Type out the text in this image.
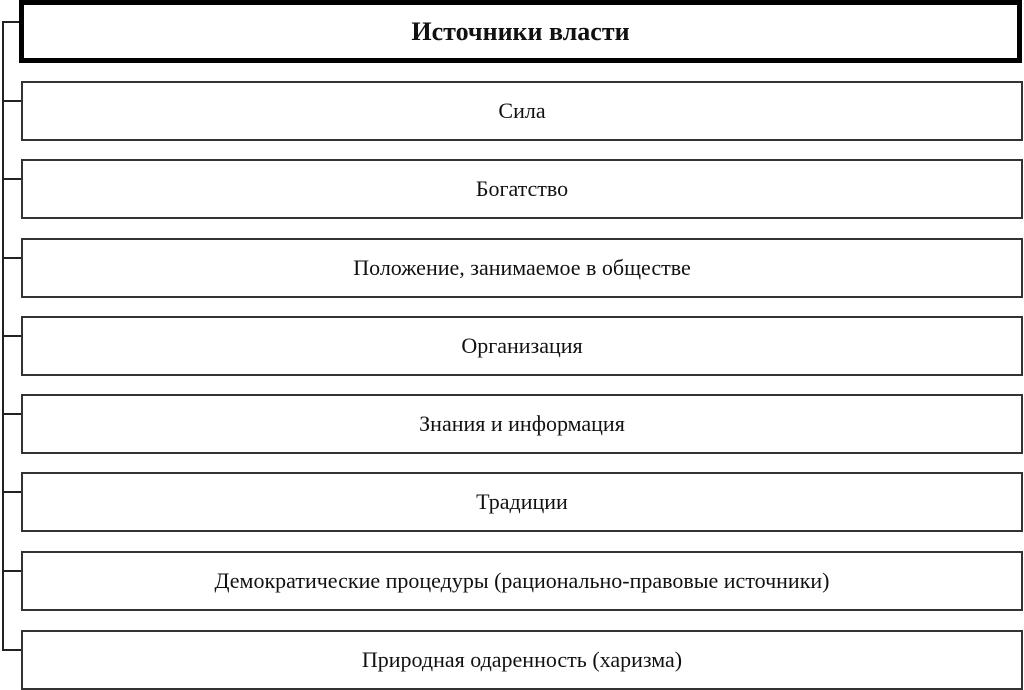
Источники власти
Сила
Богатство
Положение, занимаемое в обществе
Организация
Знания и информация
Традиции
Демократические процедуры (рационально-правовые источники)
Природная одаренность (харизма)
